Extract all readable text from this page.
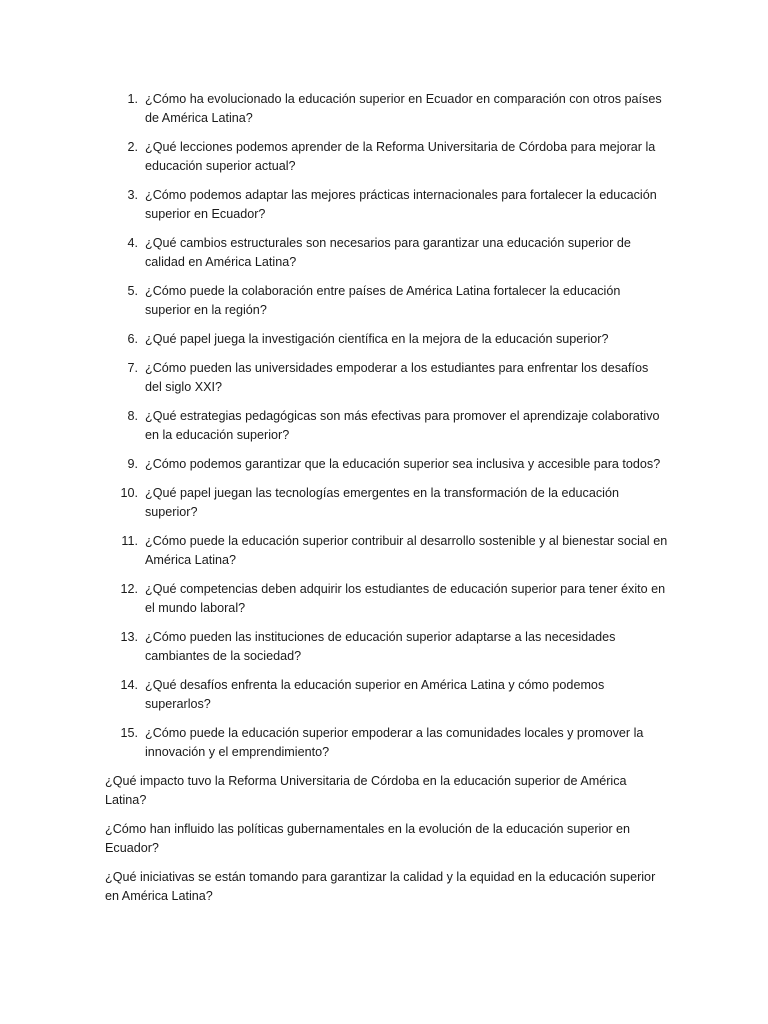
1. ¿Cómo ha evolucionado la educación superior en Ecuador en comparación con otros países de América Latina?
2. ¿Qué lecciones podemos aprender de la Reforma Universitaria de Córdoba para mejorar la educación superior actual?
3. ¿Cómo podemos adaptar las mejores prácticas internacionales para fortalecer la educación superior en Ecuador?
4. ¿Qué cambios estructurales son necesarios para garantizar una educación superior de calidad en América Latina?
5. ¿Cómo puede la colaboración entre países de América Latina fortalecer la educación superior en la región?
6. ¿Qué papel juega la investigación científica en la mejora de la educación superior?
7. ¿Cómo pueden las universidades empoderar a los estudiantes para enfrentar los desafíos del siglo XXI?
8. ¿Qué estrategias pedagógicas son más efectivas para promover el aprendizaje colaborativo en la educación superior?
9. ¿Cómo podemos garantizar que la educación superior sea inclusiva y accesible para todos?
10. ¿Qué papel juegan las tecnologías emergentes en la transformación de la educación superior?
11. ¿Cómo puede la educación superior contribuir al desarrollo sostenible y al bienestar social en América Latina?
12. ¿Qué competencias deben adquirir los estudiantes de educación superior para tener éxito en el mundo laboral?
13. ¿Cómo pueden las instituciones de educación superior adaptarse a las necesidades cambiantes de la sociedad?
14. ¿Qué desafíos enfrenta la educación superior en América Latina y cómo podemos superarlos?
15. ¿Cómo puede la educación superior empoderar a las comunidades locales y promover la innovación y el emprendimiento?

¿Qué impacto tuvo la Reforma Universitaria de Córdoba en la educación superior de América Latina?

¿Cómo han influido las políticas gubernamentales en la evolución de la educación superior en Ecuador?

¿Qué iniciativas se están tomando para garantizar la calidad y la equidad en la educación superior en América Latina?
